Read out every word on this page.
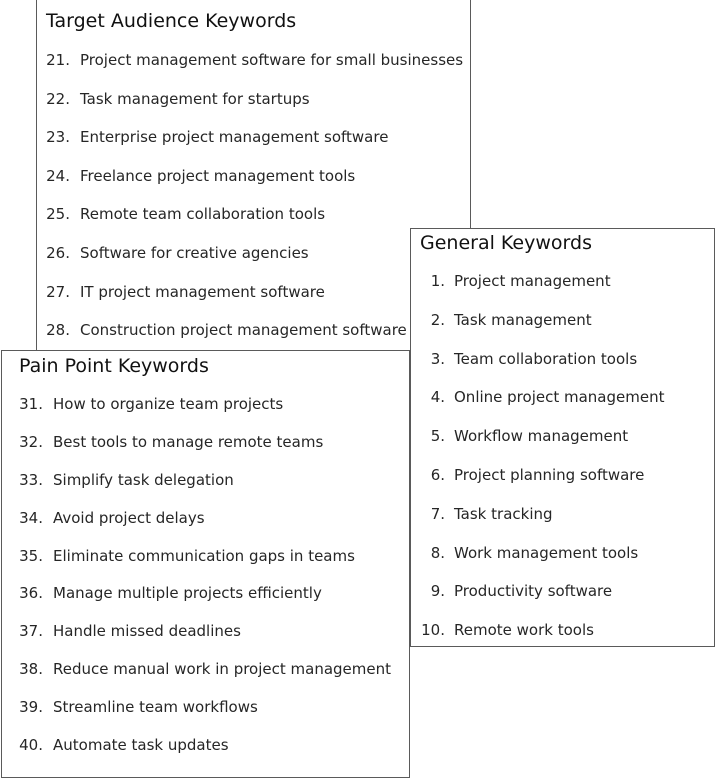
Target Audience Keywords
21. Project management software for small businesses
22. Task management for startups
23. Enterprise project management software
24. Freelance project management tools
25. Remote team collaboration tools
26. Software for creative agencies
27. IT project management software
28. Construction project management software
General Keywords
1. Project management
2. Task management
3. Team collaboration tools
4. Online project management
5. Workflow management
6. Project planning software
7. Task tracking
8. Work management tools
9. Productivity software
10. Remote work tools
Pain Point Keywords
31. How to organize team projects
32. Best tools to manage remote teams
33. Simplify task delegation
34. Avoid project delays
35. Eliminate communication gaps in teams
36. Manage multiple projects efficiently
37. Handle missed deadlines
38. Reduce manual work in project management
39. Streamline team workflows
40. Automate task updates
